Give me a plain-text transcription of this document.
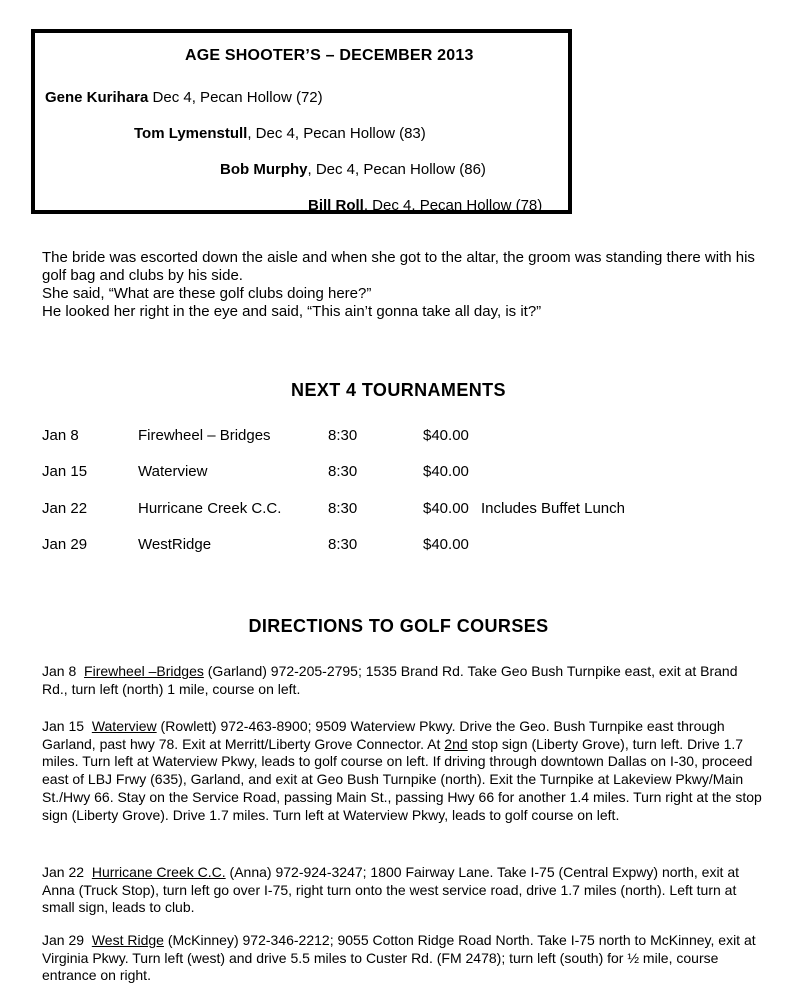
AGE SHOOTER’S – DECEMBER 2013
Gene Kurihara Dec 4, Pecan Hollow (72)
Tom Lymenstull, Dec 4, Pecan Hollow (83)
Bob Murphy, Dec 4, Pecan Hollow (86)
Bill Roll, Dec 4, Pecan Hollow (78)

The bride was escorted down the aisle and when she got to the altar, the groom was standing there with his golf bag and clubs by his side.

She said, “What are these golf clubs doing here?”

He looked her right in the eye and said, “This ain’t gonna take all day, is it?”

NEXT 4 TOURNAMENTS
Jan 8	Firewheel – Bridges	8:30	$40.00
Jan 15	Waterview	8:30	$40.00
Jan 22	Hurricane Creek C.C.	8:30	$40.00 Includes Buffet Lunch
Jan 29	WestRidge	8:30	$40.00
DIRECTIONS TO GOLF COURSES

Jan 8 Firewheel –Bridges (Garland) 972-205-2795; 1535 Brand Rd. Take Geo Bush Turnpike east, exit at Brand Rd., turn left (north) 1 mile, course on left.

Jan 15 Waterview (Rowlett) 972-463-8900; 9509 Waterview Pkwy. Drive the Geo. Bush Turnpike east through Garland, past hwy 78. Exit at Merritt/Liberty Grove Connector. At 2nd stop sign (Liberty Grove), turn left. Drive 1.7 miles. Turn left at Waterview Pkwy, leads to golf course on left. If driving through downtown Dallas on I-30, proceed east of LBJ Frwy (635), Garland, and exit at Geo Bush Turnpike (north). Exit the Turnpike at Lakeview Pkwy/Main St./Hwy 66. Stay on the Service Road, passing Main St., passing Hwy 66 for another 1.4 miles. Turn right at the stop sign (Liberty Grove). Drive 1.7 miles. Turn left at Waterview Pkwy, leads to golf course on left.

Jan 22 Hurricane Creek C.C. (Anna) 972-924-3247; 1800 Fairway Lane. Take I-75 (Central Expwy) north, exit at Anna (Truck Stop), turn left go over I-75, right turn onto the west service road, drive 1.7 miles (north). Left turn at small sign, leads to club.

Jan 29 West Ridge (McKinney) 972-346-2212; 9055 Cotton Ridge Road North. Take I-75 north to McKinney, exit at Virginia Pkwy. Turn left (west) and drive 5.5 miles to Custer Rd. (FM 2478); turn left (south) for ½ mile, course entrance on right.
